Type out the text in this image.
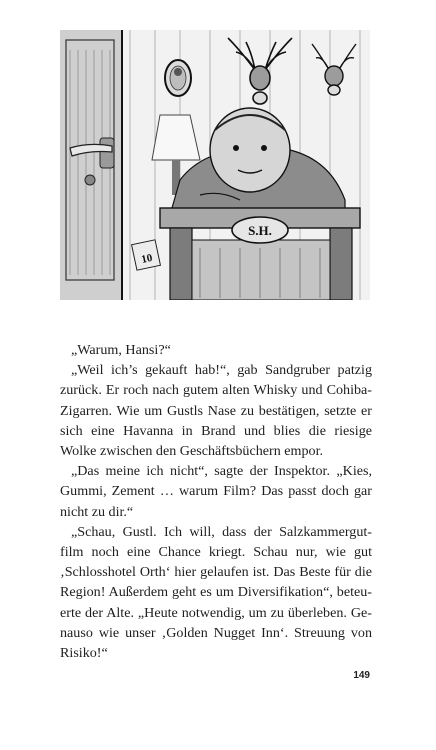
S.H.
10

„Warum, Hansi?“

„Weil ich’s gekauft hab!“, gab Sandgruber patzig zurück. Er roch nach gutem alten Whisky und Cohiba-Zigarren. Wie um Gustls Nase zu bestätigen, setzte er sich eine Havanna in Brand und blies die riesige Wolke zwischen den Geschäftsbüchern empor.

„Das meine ich nicht“, sagte der Inspektor. „Kies, Gummi, Zement … warum Film? Das passt doch gar nicht zu dir.“

„Schau, Gustl. Ich will, dass der Salzkammergut-film noch eine Chance kriegt. Schau nur, wie gut ‚Schlosshotel Orth‘ hier gelaufen ist. Das Beste für die Region! Außerdem geht es um Diversifikation“, beteu-erte der Alte. „Heute notwendig, um zu überleben. Ge-nauso wie unser ‚Golden Nugget Inn‘. Streuung von Risiko!“

149
